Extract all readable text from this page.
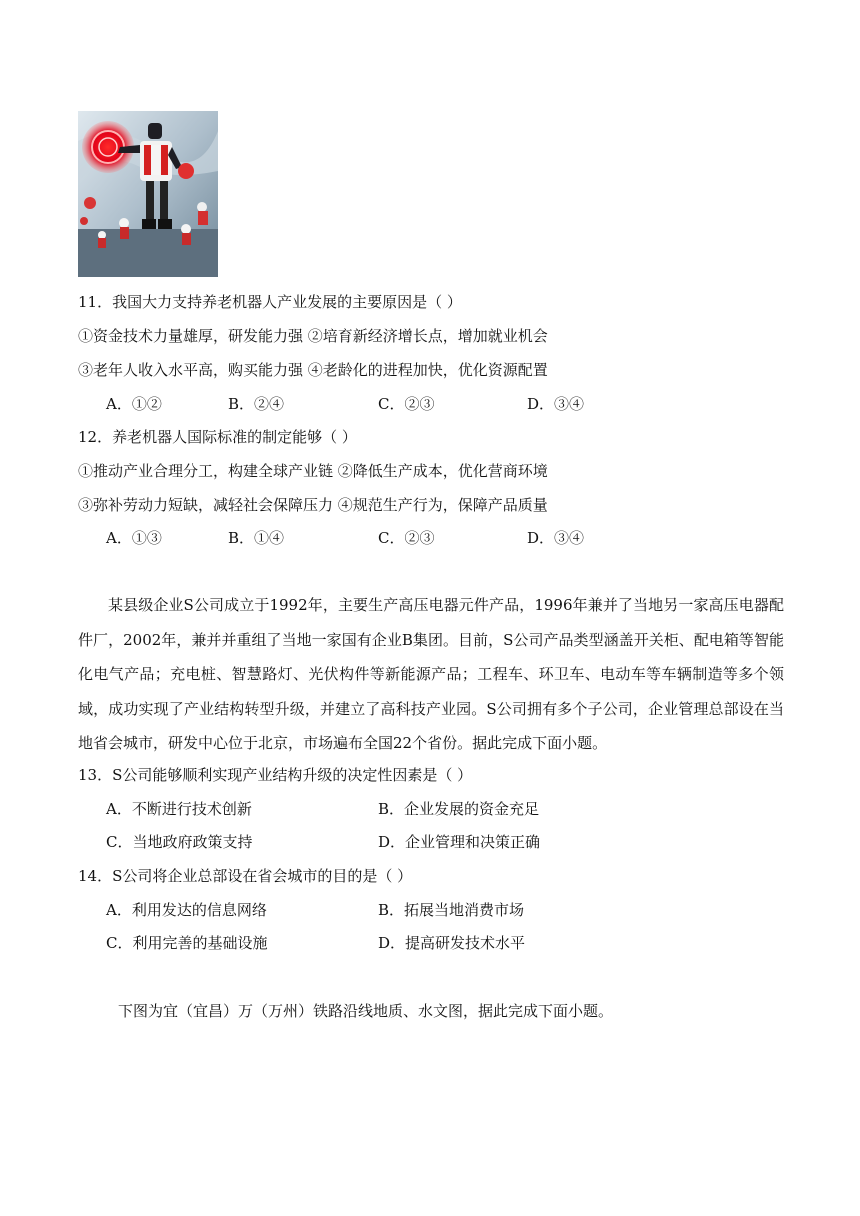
11．我国大力支持养老机器人产业发展的主要原因是（ ）
①资金技术力量雄厚，研发能力强 ②培育新经济增长点，增加就业机会
③老年人收入水平高，购买能力强 ④老龄化的进程加快，优化资源配置
A．①②	B．②④	C．②③	D．③④
12．养老机器人国际标准的制定能够（ ）
①推动产业合理分工，构建全球产业链 ②降低生产成本，优化营商环境
③弥补劳动力短缺，减轻社会保障压力 ④规范生产行为，保障产品质量
A．①③	B．①④	C．②③	D．③④

某县级企业S公司成立于1992年，主要生产高压电器元件产品，1996年兼并了当地另一家高压电器配件厂，2002年，兼并并重组了当地一家国有企业B集团。目前，S公司产品类型涵盖开关柜、配电箱等智能化电气产品；充电桩、智慧路灯、光伏构件等新能源产品；工程车、环卫车、电动车等车辆制造等多个领域，成功实现了产业结构转型升级，并建立了高科技产业园。S公司拥有多个子公司，企业管理总部设在当地省会城市，研发中心位于北京，市场遍布全国22个省份。据此完成下面小题。

13．S公司能够顺利实现产业结构升级的决定性因素是（ ）
A．不断进行技术创新	B．企业发展的资金充足
C．当地政府政策支持	D．企业管理和决策正确
14．S公司将企业总部设在省会城市的目的是（ ）
A．利用发达的信息网络	B．拓展当地消费市场
C．利用完善的基础设施	D．提高研发技术水平
下图为宜（宜昌）万（万州）铁路沿线地质、水文图，据此完成下面小题。
